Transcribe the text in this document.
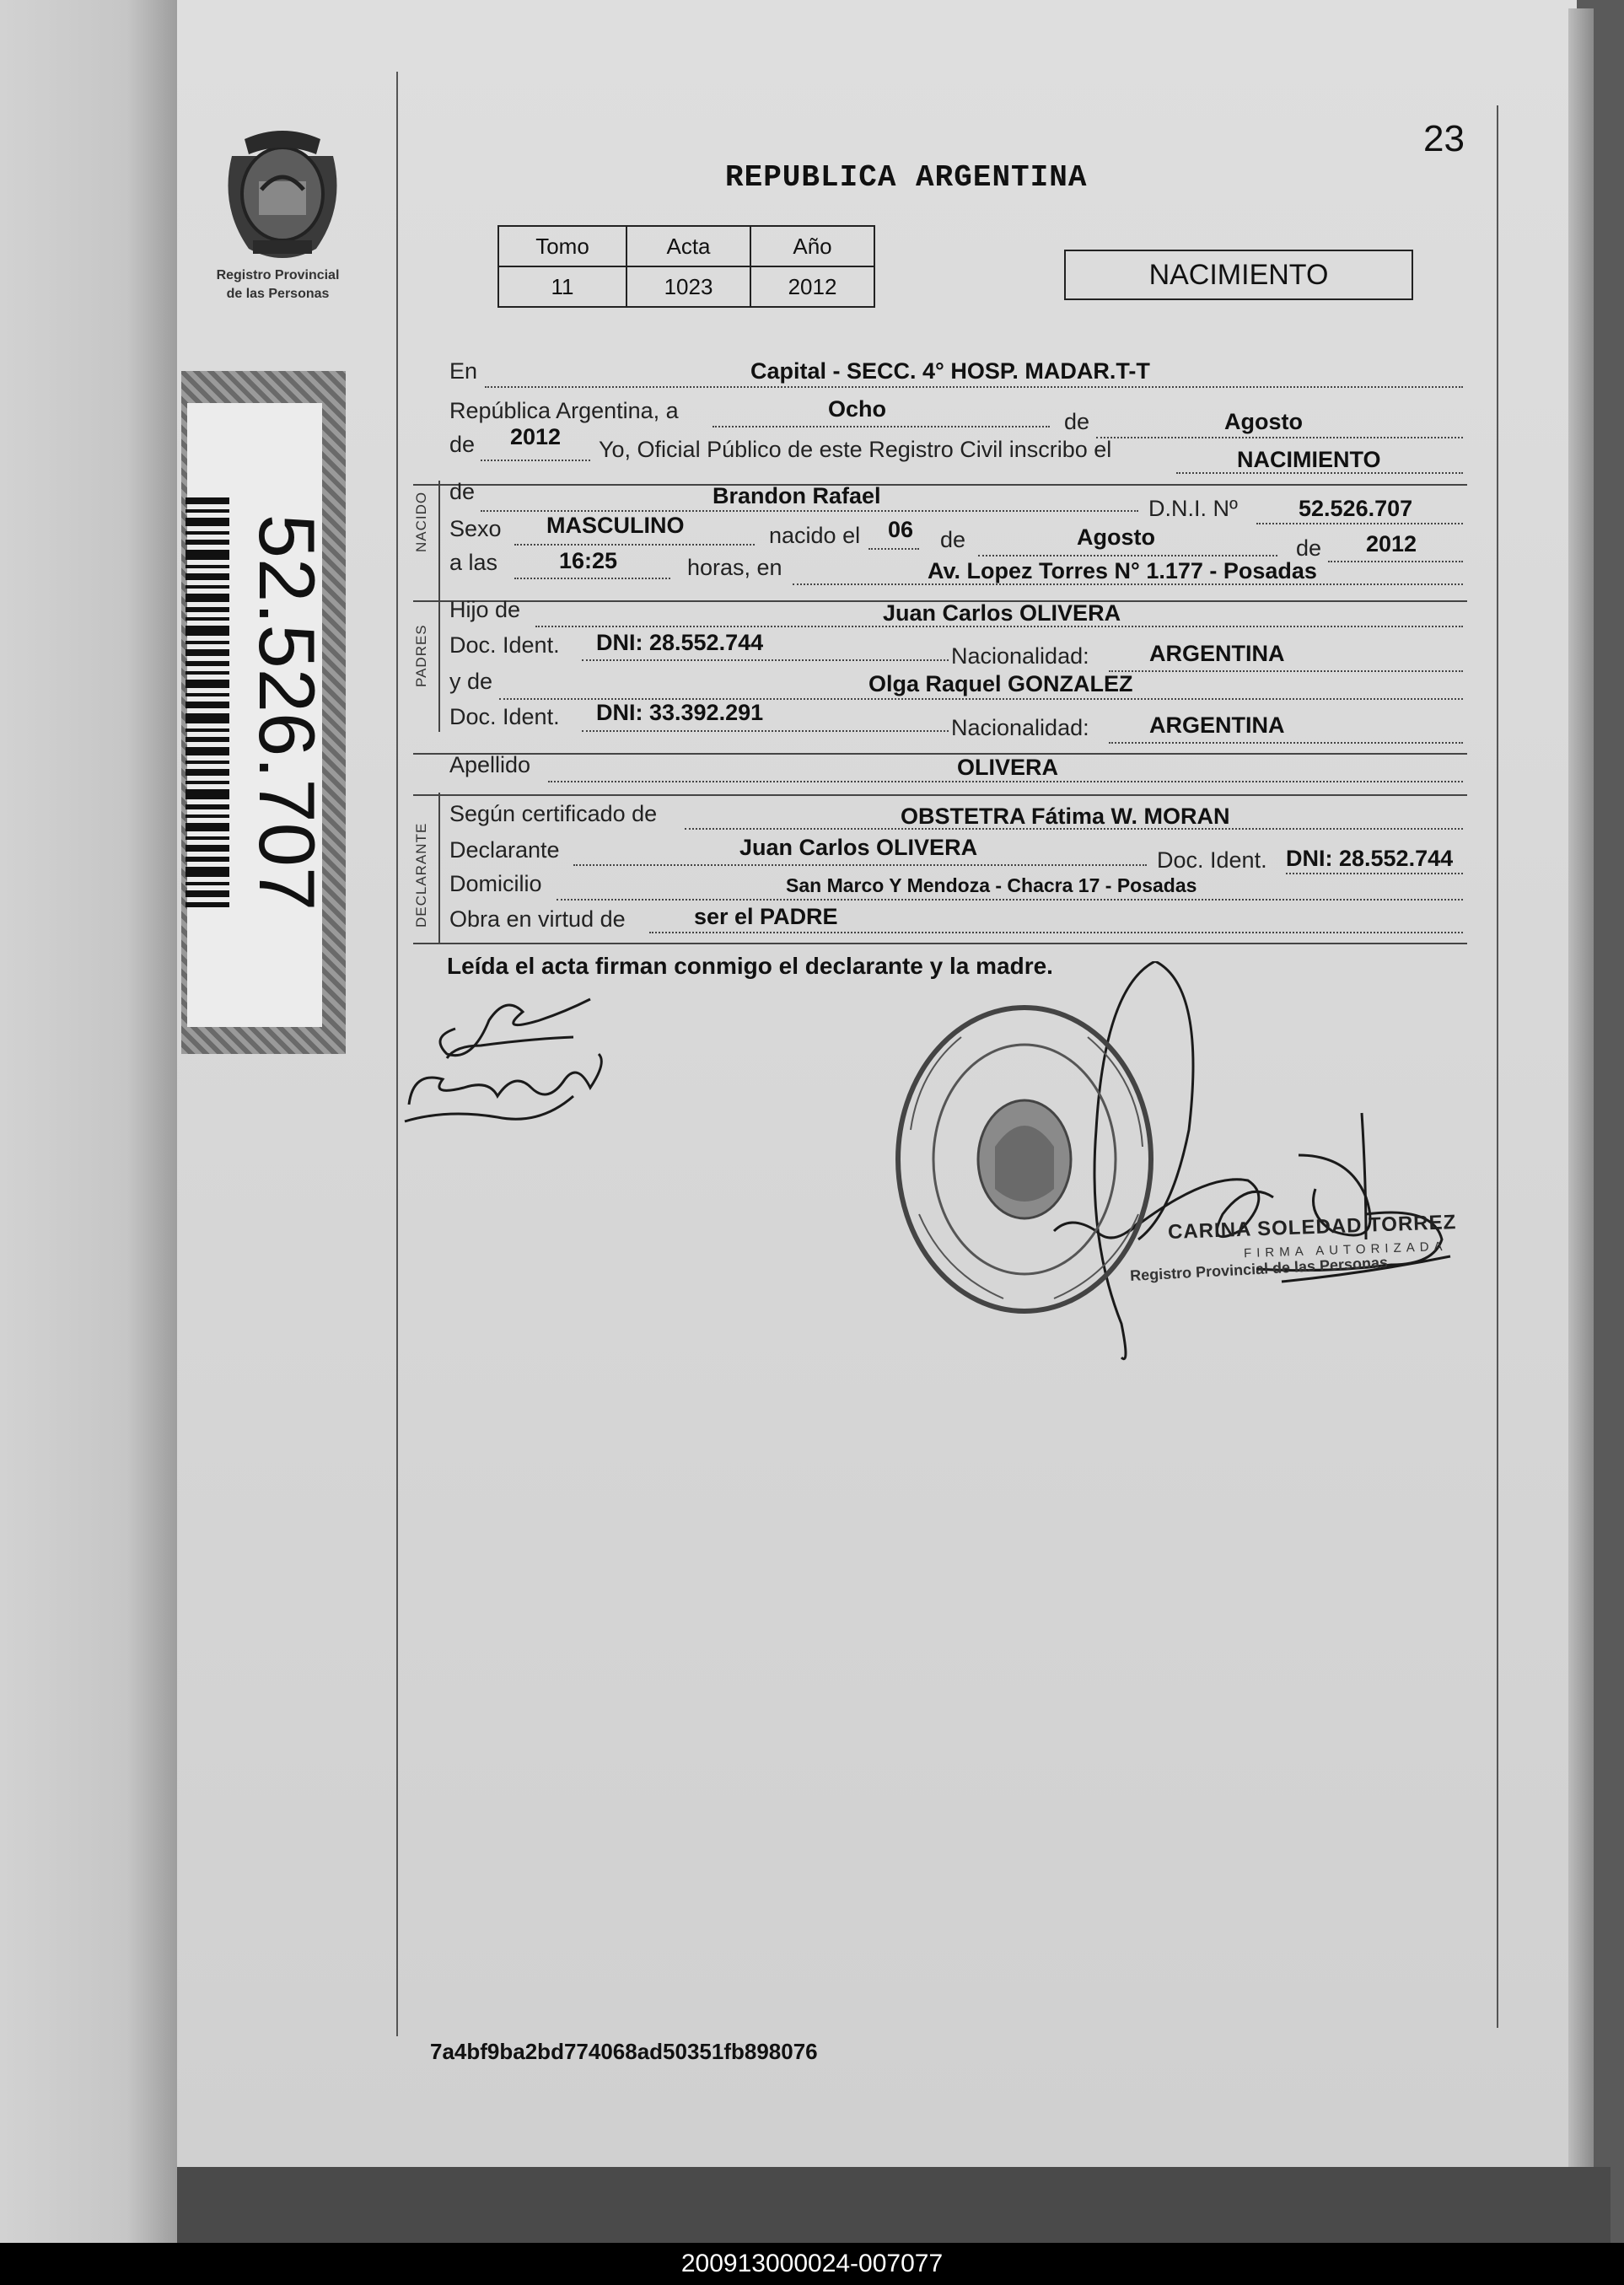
Registro Provincial
de las Personas
52.526.707
23
REPUBLICA ARGENTINA
Tomo	Acta	Año
11	1023	2012	NACIMIENTO
En	Capital - SECC. 4° HOSP. MADAR.T-T
República Argentina, a	Ocho	de	Agosto
de 2012 Yo, Oficial Público de este Registro Civil inscribo el	NACIMIENTO
NACIDO de	Brandon Rafael	D.N.I. Nº	52.526.707
Sexo MASCULINO	nacido el 06 de	Agosto	de 2012
a las	16:25	horas, en	Av. Lopez Torres N° 1.177 - Posadas
PADRES
Hijo de	Juan Carlos OLIVERA
Doc. Ident. DNI: 28.552.744
Nacionalidad:	ARGENTINA
y de	Olga Raquel GONZALEZ
Doc. Ident. DNI: 33.392.291
Nacionalidad:	ARGENTINA
Apellido	OLIVERA
DECLARANTE
Según certificado de	OBSTETRA Fátima W. MORAN
Declarante	Juan Carlos OLIVERA	Doc. Ident. DNI: 28.552.744
Domicilio	San Marco Y Mendoza - Chacra 17 - Posadas
Obra en virtud de	ser el PADRE
Leída el acta firman conmigo el declarante y la madre.
CARINA SOLEDAD TORREZ
FIRMA AUTORIZADA
Registro Provincial de las Personas
7a4bf9ba2bd774068ad50351fb898076
200913000024-007077
